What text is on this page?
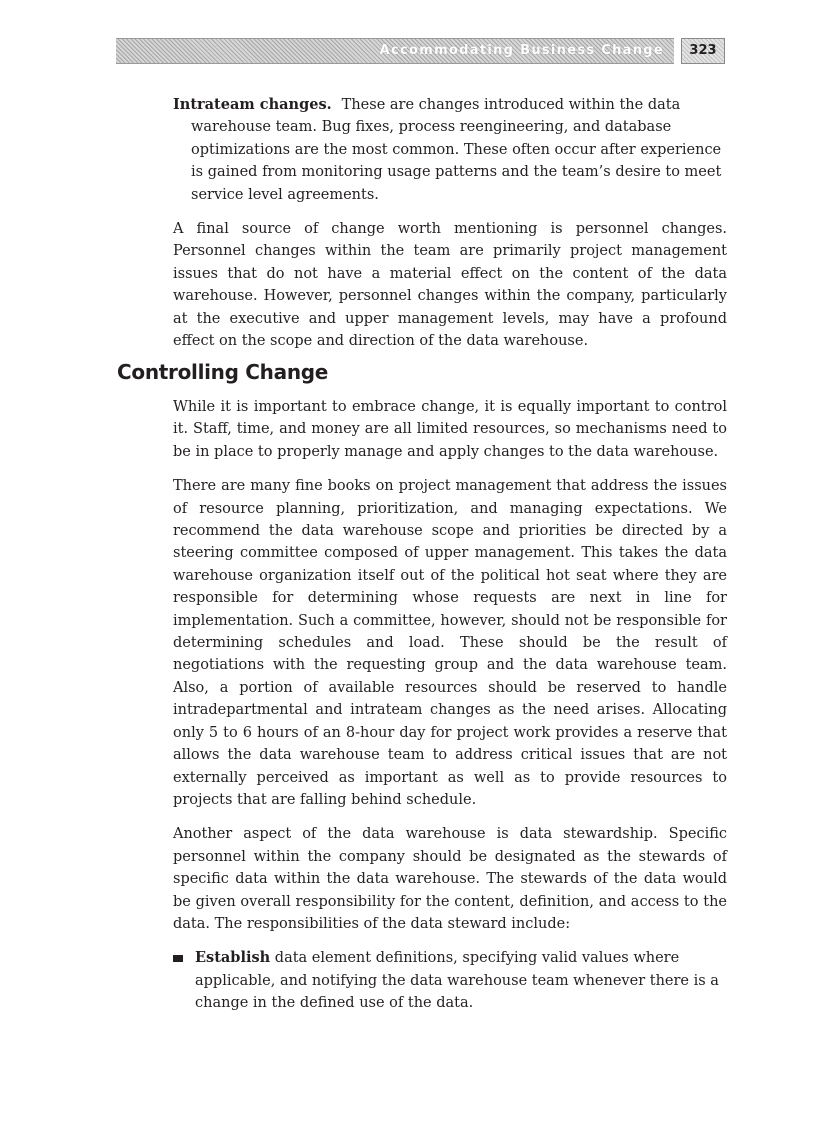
Accommodating Business Change	323

Intrateam changes. These are changes introduced within the data warehouse team. Bug fixes, process reengineering, and database optimizations are the most common. These often occur after experience is gained from monitoring usage patterns and the team’s desire to meet service level agreements.

A final source of change worth mentioning is personnel changes. Personnel changes within the team are primarily project management issues that do not have a material effect on the content of the data warehouse. However, personnel changes within the company, particularly at the executive and upper management levels, may have a profound effect on the scope and direction of the data warehouse.

Controlling Change

While it is important to embrace change, it is equally important to control it. Staff, time, and money are all limited resources, so mechanisms need to be in place to properly manage and apply changes to the data warehouse.

There are many fine books on project management that address the issues of resource planning, prioritization, and managing expectations. We recommend the data warehouse scope and priorities be directed by a steering committee composed of upper management. This takes the data warehouse organization itself out of the political hot seat where they are responsible for determining whose requests are next in line for implementation. Such a committee, however, should not be responsible for determining schedules and load. These should be the result of negotiations with the requesting group and the data warehouse team. Also, a portion of available resources should be reserved to handle intradepartmental and intrateam changes as the need arises. Allocating only 5 to 6 hours of an 8-hour day for project work provides a reserve that allows the data warehouse team to address critical issues that are not externally perceived as important as well as to provide resources to projects that are falling behind schedule.

Another aspect of the data warehouse is data stewardship. Specific personnel within the company should be designated as the stewards of specific data within the data warehouse. The stewards of the data would be given overall responsibility for the content, definition, and access to the data. The responsibilities of the data steward include:

Establish data element definitions, specifying valid values where applicable, and notifying the data warehouse team whenever there is a change in the defined use of the data.
